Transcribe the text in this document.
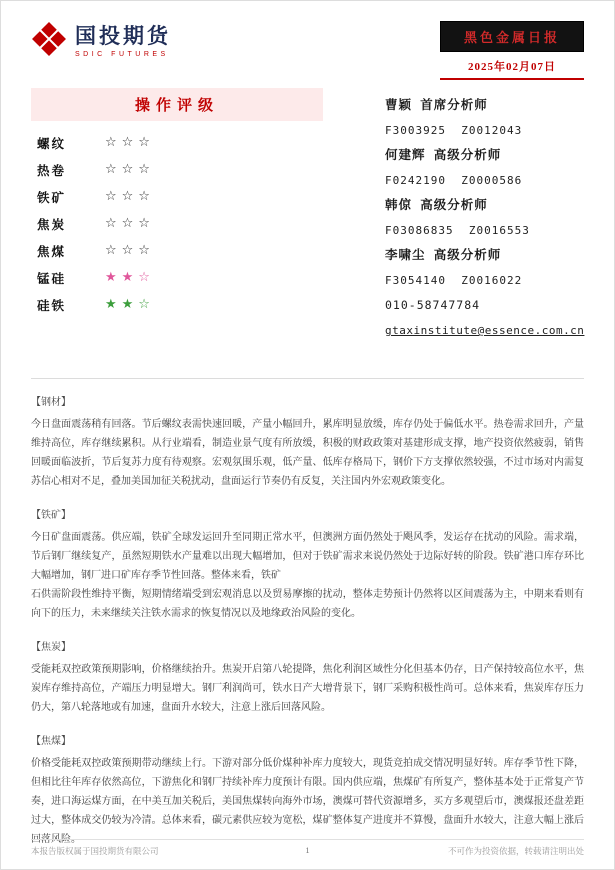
国投期货
SDIC FUTURES
黑色金属日报
2025年02月07日
操作评级
螺纹	☆☆☆
热卷	☆☆☆
铁矿	☆☆☆
焦炭	☆☆☆
焦煤	☆☆☆
锰硅	★★☆
硅铁	★★☆
曹颖 首席分析师
F3003925  Z0012043
何建辉 高级分析师
F0242190  Z0000586
韩倞 高级分析师
F03086835  Z0016553
李啸尘 高级分析师
F3054140  Z0016022
010-58747784
gtaxinstitute@essence.com.cn
【钢材】

今日盘面震荡稍有回落。节后螺纹表需快速回暖，产量小幅回升，累库明显放缓，库存仍处于偏低水平。热卷需求回升，产量维持高位，库存继续累积。从行业端看，制造业景气度有所放缓，积极的财政政策对基建形成支撑，地产投资依然疲弱，销售回暖面临波折，节后复苏力度有待观察。宏观氛围乐观，低产量、低库存格局下，钢价下方支撑依然较强，不过市场对内需复苏信心相对不足，叠加美国加征关税扰动，盘面运行节奏仍有反复，关注国内外宏观政策变化。

【铁矿】

今日矿盘面震荡。供应端，铁矿全球发运回升至同期正常水平，但澳洲方面仍然处于飓风季，发运存在扰动的风险。需求端，节后钢厂继续复产，虽然短期铁水产量难以出现大幅增加，但对于铁矿需求来说仍然处于边际好转的阶段。铁矿港口库存环比大幅增加，钢厂进口矿库存季节性回落。整体来看，铁矿

石供需阶段性维持平衡，短期情绪端受到宏观消息以及贸易摩擦的扰动，整体走势预计仍然将以区间震荡为主，中期来看则有向下的压力，未来继续关注铁水需求的恢复情况以及地缘政治风险的变化。

【焦炭】

受能耗双控政策预期影响，价格继续抬升。焦炭开启第八轮提降，焦化利润区域性分化但基本仍存，日产保持较高位水平，焦炭库存维持高位，产端压力明显增大。钢厂利润尚可，铁水日产大增背景下，钢厂采购积极性尚可。总体来看，焦炭库存压力仍大，第八轮落地或有加速，盘面升水较大，注意上涨后回落风险。

【焦煤】

价格受能耗双控政策预期带动继续上行。下游对部分低价煤种补库力度较大，现货竞拍成交情况明显好转。库存季节性下降，但相比往年库存依然高位，下游焦化和钢厂持续补库力度预计有限。国内供应端，焦煤矿有所复产，整体基本处于正常复产节奏，进口海运煤方面，在中美互加关税后，美国焦煤转向海外市场，澳煤可替代资源增多，买方多观望后市，澳煤报还盘差距过大，整体成交仍较为冷清。总体来看，碳元素供应较为宽松，煤矿整体复产进度并不算慢，盘面升水较大，注意大幅上涨后回落风险。

本报告版权属于国投期货有限公司	1	不可作为投资依据，转载请注明出处
